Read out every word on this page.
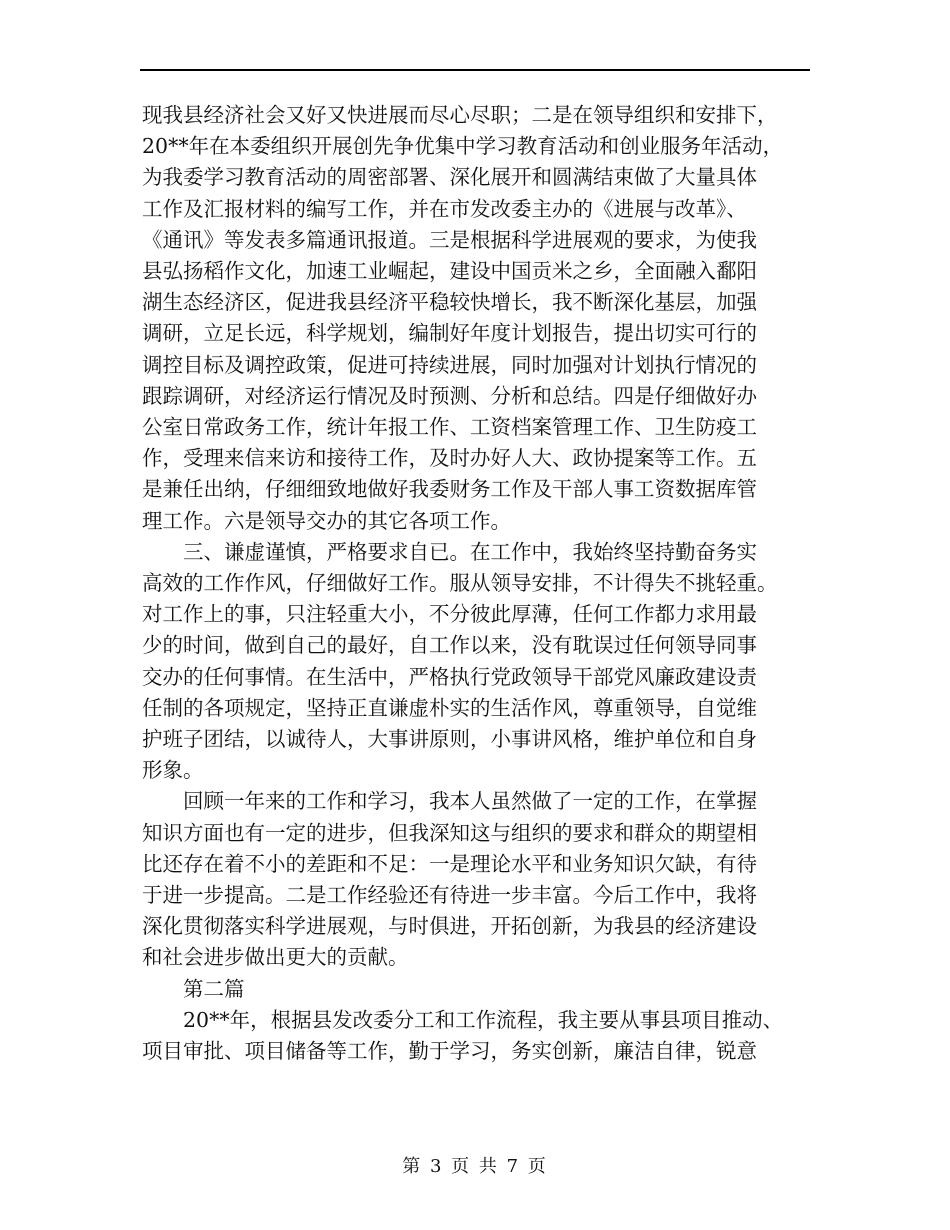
现我县经济社会又好又快进展而尽心尽职；二是在领导组织和安排下，
20**年在本委组织开展创先争优集中学习教育活动和创业服务年活动，
为我委学习教育活动的周密部署、深化展开和圆满结束做了大量具体
工作及汇报材料的编写工作，并在市发改委主办的《进展与改革》、
《通讯》等发表多篇通讯报道。三是根据科学进展观的要求，为使我
县弘扬稻作文化，加速工业崛起，建设中国贡米之乡，全面融入鄱阳
湖生态经济区，促进我县经济平稳较快增长，我不断深化基层，加强
调研，立足长远，科学规划，编制好年度计划报告，提出切实可行的
调控目标及调控政策，促进可持续进展，同时加强对计划执行情况的
跟踪调研，对经济运行情况及时预测、分析和总结。四是仔细做好办
公室日常政务工作，统计年报工作、工资档案管理工作、卫生防疫工
作，受理来信来访和接待工作，及时办好人大、政协提案等工作。五
是兼任出纳，仔细细致地做好我委财务工作及干部人事工资数据库管
理工作。六是领导交办的其它各项工作。

三、谦虚谨慎，严格要求自已。在工作中，我始终坚持勤奋务实
高效的工作作风，仔细做好工作。服从领导安排，不计得失不挑轻重。
对工作上的事，只注轻重大小，不分彼此厚薄，任何工作都力求用最
少的时间，做到自己的最好，自工作以来，没有耽误过任何领导同事
交办的任何事情。在生活中，严格执行党政领导干部党风廉政建设责
任制的各项规定，坚持正直谦虚朴实的生活作风，尊重领导，自觉维
护班子团结，以诚待人，大事讲原则，小事讲风格，维护单位和自身
形象。

回顾一年来的工作和学习，我本人虽然做了一定的工作，在掌握
知识方面也有一定的进步，但我深知这与组织的要求和群众的期望相
比还存在着不小的差距和不足：一是理论水平和业务知识欠缺，有待
于进一步提高。二是工作经验还有待进一步丰富。今后工作中，我将
深化贯彻落实科学进展观，与时俱进，开拓创新，为我县的经济建设
和社会进步做出更大的贡献。

第二篇

20**年，根据县发改委分工和工作流程，我主要从事县项目推动、
项目审批、项目储备等工作，勤于学习，务实创新，廉洁自律，锐意

第 3 页 共 7 页
